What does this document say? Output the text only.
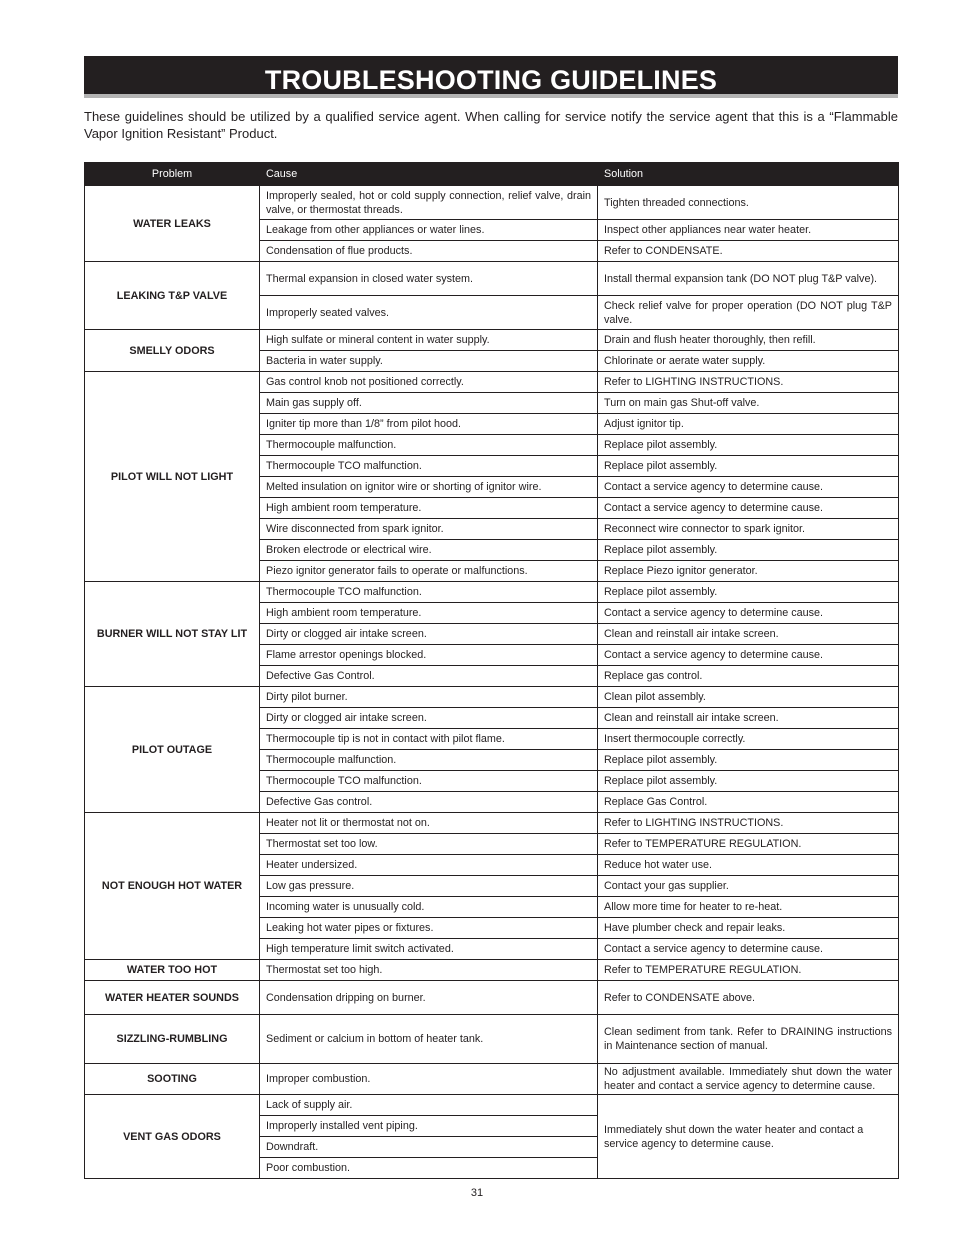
TROUBLESHOOTING GUIDELINES

These guidelines should be utilized by a qualified service agent. When calling for service notify the service agent that this is a “Flammable Vapor Ignition Resistant” Product.

Problem	Cause	Solution
WATER LEAKS	Improperly sealed, hot or cold supply connection, relief valve, drain valve, or thermostat threads.	Tighten threaded connections.
	Leakage from other appliances or water lines.	Inspect other appliances near water heater.
	Condensation of flue products.	Refer to CONDENSATE.
LEAKING T&P VALVE	Thermal expansion in closed water system.	Install thermal expansion tank (DO NOT plug T&P valve).
	Improperly seated valves.	Check relief valve for proper operation (DO NOT plug T&P valve.
SMELLY ODORS	High sulfate or mineral content in water supply.	Drain and flush heater thoroughly, then refill.
	Bacteria in water supply.	Chlorinate or aerate water supply.
PILOT WILL NOT LIGHT	Gas control knob not positioned correctly.	Refer to LIGHTING INSTRUCTIONS.
	Main gas supply off.	Turn on main gas Shut-off valve.
	Igniter tip more than 1/8” from pilot hood.	Adjust ignitor tip.
	Thermocouple malfunction.	Replace pilot assembly.
	Thermocouple TCO malfunction.	Replace pilot assembly.
	Melted insulation on ignitor wire or shorting of ignitor wire.	Contact a service agency to determine cause.
	High ambient room temperature.	Contact a service agency to determine cause.
	Wire disconnected from spark ignitor.	Reconnect wire connector to spark ignitor.
	Broken electrode or electrical wire.	Replace pilot assembly.
	Piezo ignitor generator fails to operate or malfunctions.	Replace Piezo ignitor generator.
BURNER WILL NOT STAY LIT	Thermocouple TCO malfunction.	Replace pilot assembly.
	High ambient room temperature.	Contact a service agency to determine cause.
	Dirty or clogged air intake screen.	Clean and reinstall air intake screen.
	Flame arrestor openings blocked.	Contact a service agency to determine cause.
	Defective Gas Control.	Replace gas control.
PILOT OUTAGE	Dirty pilot burner.	Clean pilot assembly.
	Dirty or clogged air intake screen.	Clean and reinstall air intake screen.
	Thermocouple tip is not in contact with pilot flame.	Insert thermocouple correctly.
	Thermocouple malfunction.	Replace pilot assembly.
	Thermocouple TCO malfunction.	Replace pilot assembly.
	Defective Gas control.	Replace Gas Control.
NOT ENOUGH HOT WATER	Heater not lit or thermostat not on.	Refer to LIGHTING INSTRUCTIONS.
	Thermostat set too low.	Refer to TEMPERATURE REGULATION.
	Heater undersized.	Reduce hot water use.
	Low gas pressure.	Contact your gas supplier.
	Incoming water is unusually cold.	Allow more time for heater to re-heat.
	Leaking hot water pipes or fixtures.	Have plumber check and repair leaks.
	High temperature limit switch activated.	Contact a service agency to determine cause.
WATER TOO HOT	Thermostat set too high.	Refer to TEMPERATURE REGULATION.
WATER HEATER SOUNDS	Condensation dripping on burner.	Refer to CONDENSATE above.
SIZZLING-RUMBLING	Sediment or calcium in bottom of heater tank.	Clean sediment from tank. Refer to DRAINING instructions in Maintenance section of manual.
SOOTING	Improper combustion.	No adjustment available. Immediately shut down the water heater and contact a service agency to determine cause.
VENT GAS ODORS	Lack of supply air.	Immediately shut down the water heater and contact a service agency to determine cause.
	Improperly installed vent piping.	
	Downdraft.	
	Poor combustion.	
31
